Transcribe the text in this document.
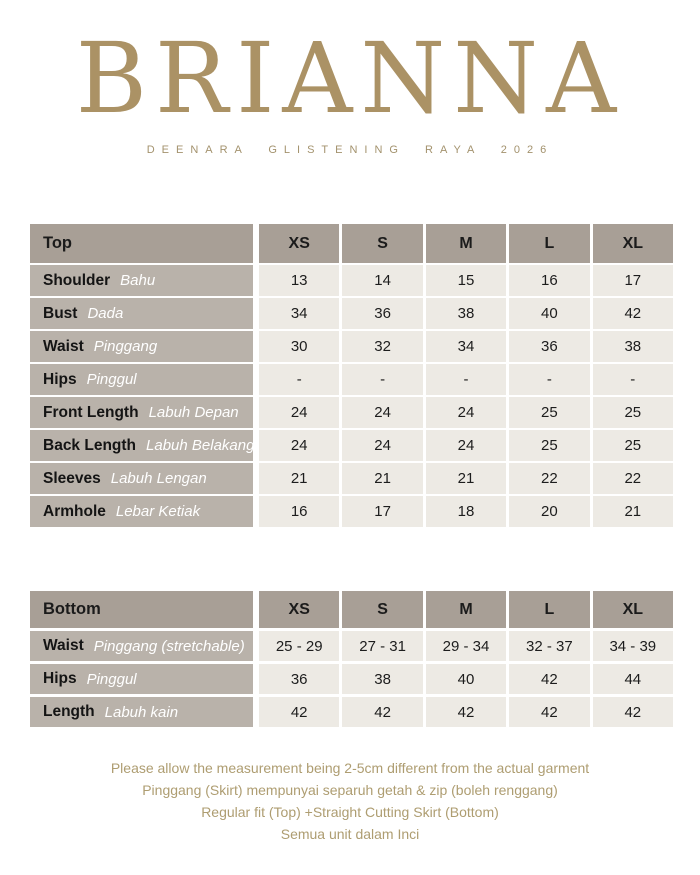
BRIANNA
DEENARA GLISTENING RAYA 2026
Top	XS	S	M	L	XL
Shoulder Bahu	13	14	15	16	17
Bust Dada	34	36	38	40	42
Waist Pinggang	30	32	34	36	38
Hips Pinggul	-	-	-	-	-
Front Length Labuh Depan	24	24	24	25	25
Back Length Labuh Belakang	24	24	24	25	25
Sleeves Labuh Lengan	21	21	21	22	22
Armhole Lebar Ketiak	16	17	18	20	21
Bottom	XS	S	M	L	XL
Waist Pinggang (stretchable)	25 - 29	27 - 31	29 - 34	32 - 37	34 - 39
Hips Pinggul	36	38	40	42	44
Length Labuh kain	42	42	42	42	42
Please allow the measurement being 2-5cm different from the actual garment
Pinggang (Skirt) mempunyai separuh getah & zip (boleh renggang)
Regular fit (Top) +Straight Cutting Skirt (Bottom)
Semua unit dalam Inci
